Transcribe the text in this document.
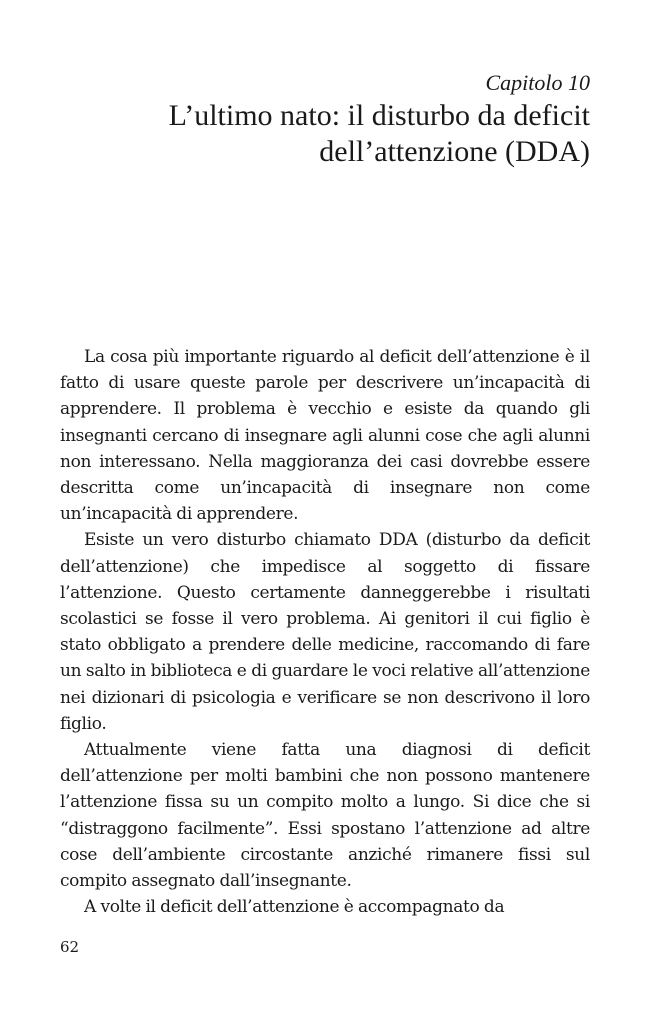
Capitolo 10
L’ultimo nato: il disturbo da deficit
dell’attenzione (DDA)

La cosa più importante riguardo al deficit dell’attenzione è il fatto di usare queste parole per descrivere un’incapacità di apprendere. Il problema è vecchio e esiste da quando gli insegnanti cercano di insegnare agli alunni cose che agli alunni non interessano. Nella maggioranza dei casi dovrebbe essere descritta come un’incapacità di insegnare non come un’incapacità di apprendere.

Esiste un vero disturbo chiamato DDA (disturbo da deficit dell’attenzione) che impedisce al soggetto di fissare l’attenzione. Questo certamente danneggerebbe i risultati scolastici se fosse il vero problema. Ai genitori il cui figlio è stato obbligato a prendere delle medicine, raccomando di fare un salto in biblioteca e di guardare le voci relative all’attenzione nei dizionari di psicologia e verificare se non descrivono il loro figlio.

Attualmente viene fatta una diagnosi di deficit dell’attenzione per molti bambini che non possono mantenere l’attenzione fissa su un compito molto a lungo. Si dice che si “distraggono facilmente”. Essi spostano l’attenzione ad altre cose dell’ambiente circostante anziché rimanere fissi sul compito assegnato dall’insegnante.

A volte il deficit dell’attenzione è accompagnato da

62
